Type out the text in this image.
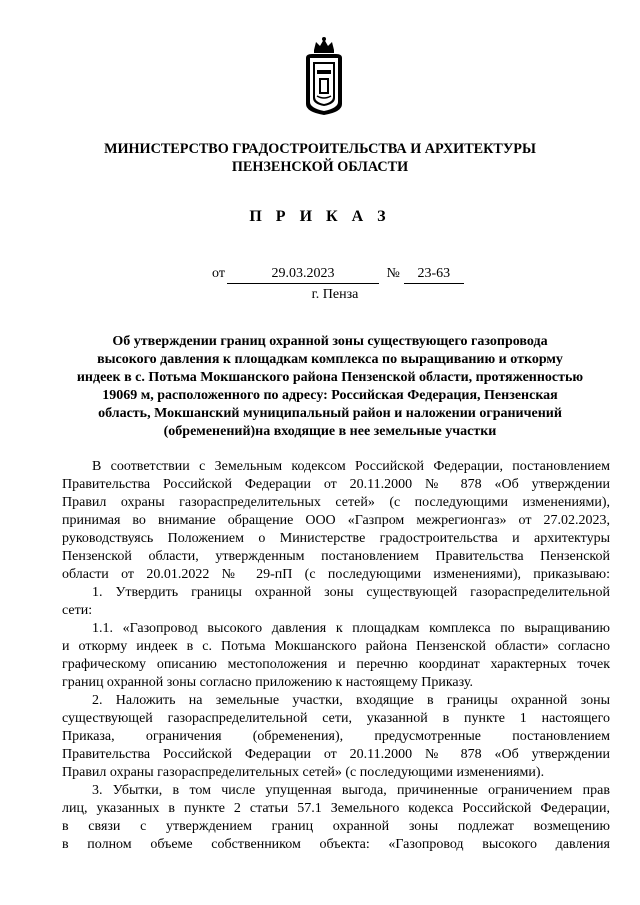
МИНИСТЕРСТВО ГРАДОСТРОИТЕЛЬСТВА И АРХИТЕКТУРЫ
ПЕНЗЕНСКОЙ ОБЛАСТИ
П Р И К А З
от	29.03.2023	№ 23-63
г. Пенза
Об утверждении границ охранной зоны существующего газопровода
высокого давления к площадкам комплекса по выращиванию и откорму
индеек в с. Потьма Мокшанского района Пензенской области, протяженностью
19069 м, расположенного по адресу: Российская Федерация, Пензенская
область, Мокшанский муниципальный район и наложении ограничений
(обременений)на входящие в нее земельные участки
В соответствии с Земельным кодексом Российской Федерации, постановлением
Правительства Российской Федерации от 20.11.2000 № 878 «Об утверждении
Правил охраны газораспределительных сетей» (с последующими изменениями),
принимая во внимание обращение ООО «Газпром межрегионгаз» от 27.02.2023,
руководствуясь Положением о Министерстве градостроительства и архитектуры
Пензенской области, утвержденным постановлением Правительства Пензенской
области от 20.01.2022 № 29-пП (с последующими изменениями), приказываю:
1. Утвердить границы охранной зоны существующей газораспределительной
сети:
1.1. «Газопровод высокого давления к площадкам комплекса по выращиванию
и откорму индеек в с. Потьма Мокшанского района Пензенской области» согласно
графическому описанию местоположения и перечню координат характерных точек
границ охранной зоны согласно приложению к настоящему Приказу.
2. Наложить на земельные участки, входящие в границы охранной зоны
существующей газораспределительной сети, указанной в пункте 1 настоящего
Приказа, ограничения (обременения), предусмотренные постановлением
Правительства Российской Федерации от 20.11.2000 № 878 «Об утверждении
Правил охраны газораспределительных сетей» (с последующими изменениями).
3. Убытки, в том числе упущенная выгода, причиненные ограничением прав
лиц, указанных в пункте 2 статьи 57.1 Земельного кодекса Российской Федерации,
в связи с утверждением границ охранной зоны подлежат возмещению
в полном объеме собственником объекта: «Газопровод высокого давления
